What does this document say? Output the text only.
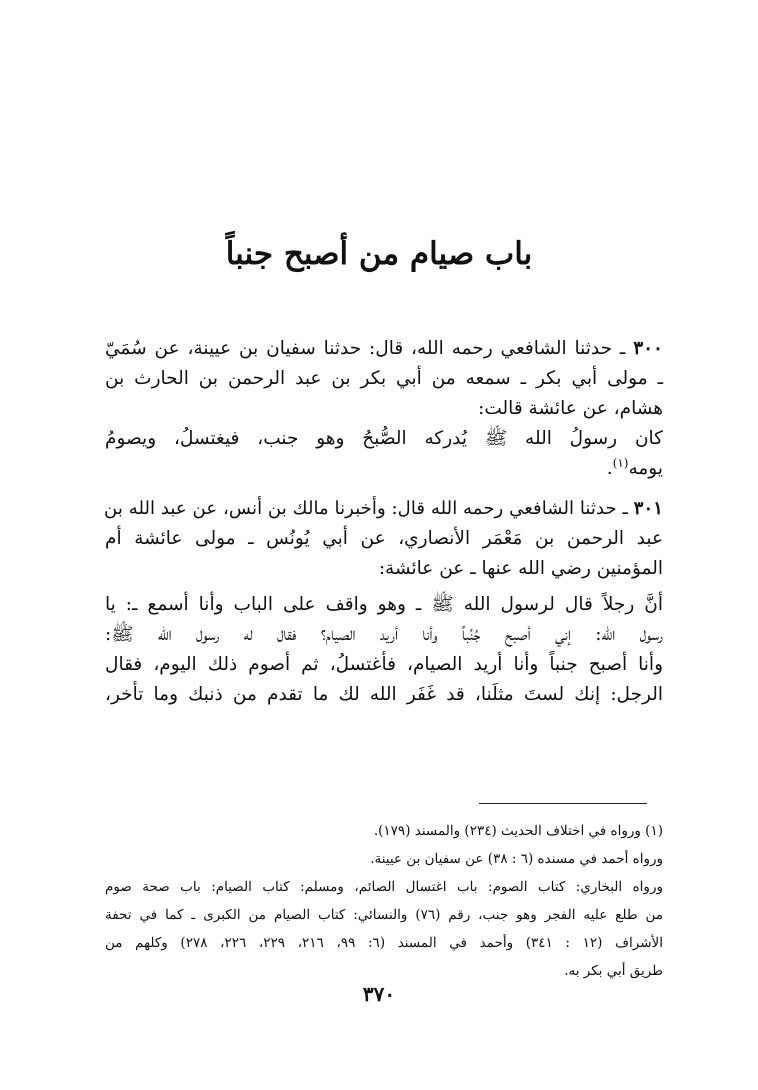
باب صيام من أصبح جنباً
٣٠٠ ـ حدثنا الشافعي رحمه الله، قال: حدثنا سفيان بن عيينة، عن سُمَيّ
ـ مولى أبي بكر ـ سمعه من أبي بكر بن عبد الرحمن بن الحارث بن
هشام، عن عائشة قالت:
كان رسولُ الله ﷺ يُدركه الصُّبحُ وهو جنب، فيغتسلُ، ويصومُ
يومه$^{(١)}$.
٣٠١ ـ حدثنا الشافعي رحمه الله قال: وأخبرنا مالك بن أنس، عن عبد الله بن
عبد الرحمن بن مَعْمَر الأنصاري، عن أبي يُونُس ـ مولى عائشة أم
المؤمنين رضي الله عنها ـ عن عائشة:
أنَّ رجلاً قال لرسول الله ﷺ ـ وهو واقف على الباب وأنا أسمع ـ: يا
رسول الله: إني أصبح جُنُباً وأنا أريد الصيام؟ فقال له رسول الله ﷺ:
وأنا أصبح جنباً وأنا أريد الصيام، فأغتسلُ، ثم أصوم ذلك اليوم، فقال
الرجل: إنك لستَ مثلَنا، قد غَفَر الله لك ما تقدم من ذنبك وما تأخر،
(١) ورواه في اختلاف الحديث (٢٣٤) والمسند (١٧٩).
ورواه أحمد في مسنده (٦ : ٣٨) عن سفيان بن عيينة.
ورواه البخاري: كتاب الصوم: باب اغتسال الصائم، ومسلم: كتاب الصيام: باب صحة صوم
من طلع عليه الفجر وهو جنب، رقم (٧٦) والنسائي: كتاب الصيام من الكبرى ـ كما في تحفة
الأشراف (١٢ : ٣٤١) وأحمد في المسند (٦: ٩٩، ٢١٦، ٢٢٩، ٢٢٦، ٢٧٨) وكلهم من
طريق أبي بكر به.
٣٧٠
